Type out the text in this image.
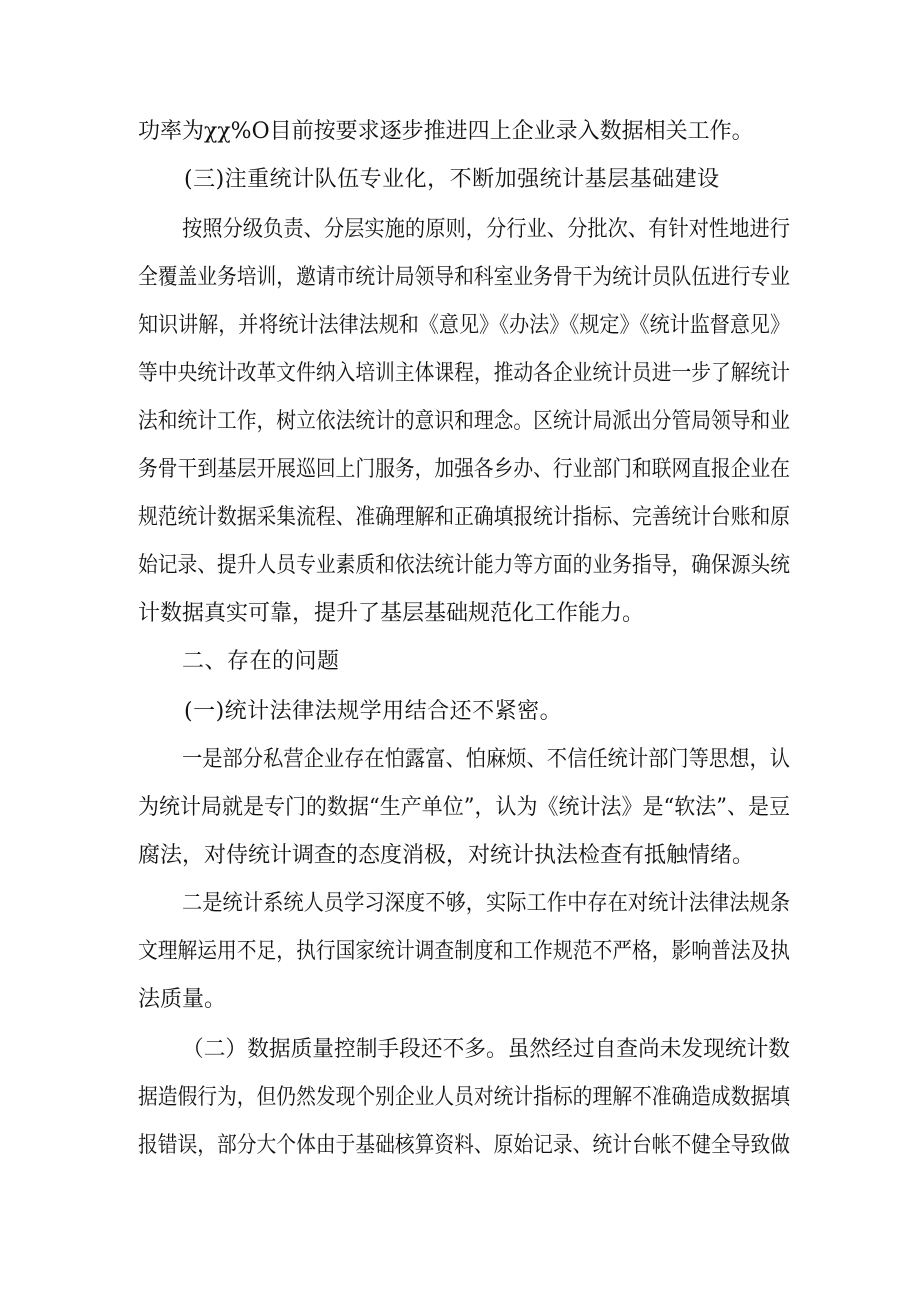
功率为χχ%O目前按要求逐步推进四上企业录入数据相关工作。
(三)注重统计队伍专业化，不断加强统计基层基础建设
按照分级负责、分层实施的原则，分行业、分批次、有针对性地进行
全覆盖业务培训，邀请市统计局领导和科室业务骨干为统计员队伍进行专业
知识讲解，并将统计法律法规和《意见》《办法》《规定》《统计监督意见》
等中央统计改革文件纳入培训主体课程，推动各企业统计员进一步了解统计
法和统计工作，树立依法统计的意识和理念。区统计局派出分管局领导和业
务骨干到基层开展巡回上门服务，加强各乡办、行业部门和联网直报企业在
规范统计数据采集流程、准确理解和正确填报统计指标、完善统计台账和原
始记录、提升人员专业素质和依法统计能力等方面的业务指导，确保源头统
计数据真实可靠，提升了基层基础规范化工作能力。
二、存在的问题
(一)统计法律法规学用结合还不紧密。
一是部分私营企业存在怕露富、怕麻烦、不信任统计部门等思想，认
为统计局就是专门的数据“生产单位”，认为《统计法》是“软法”、是豆
腐法，对侍统计调查的态度消极，对统计执法检查有抵触情绪。
二是统计系统人员学习深度不够，实际工作中存在对统计法律法规条
文理解运用不足，执行国家统计调查制度和工作规范不严格，影响普法及执
法质量。
（二）数据质量控制手段还不多。虽然经过自查尚未发现统计数
据造假行为，但仍然发现个别企业人员对统计指标的理解不准确造成数据填
报错误，部分大个体由于基础核算资料、原始记录、统计台帐不健全导致做
